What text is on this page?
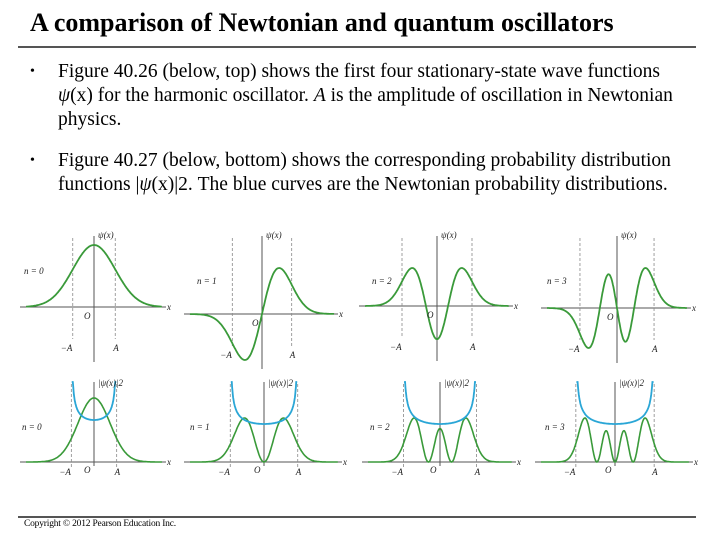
A comparison of Newtonian and quantum oscillators
• Figure 40.26 (below, top) shows the first four stationary-state wave functions ψ(x) for the harmonic oscillator. A is the amplitude of oscillation in Newtonian physics.
• Figure 40.27 (below, bottom) shows the corresponding probability distribution functions |ψ(x)|2. The blue curves are the Newtonian probability distributions.
ψ(x)
x
O
−A	A
n = 0
ψ(x)
x
O
−A	A
n = 1
ψ(x)
x
O
−A	A
n = 2
ψ(x)
x
O
−A	A
n = 3
|ψ(x)|2
x
O
−A	A
n = 0
|ψ(x)|2
x
O
−A	A
n = 1
|ψ(x)|2
x
O
−A	A
n = 2
|ψ(x)|2
x
O
−A	A
n = 3
Copyright © 2012 Pearson Education Inc.
